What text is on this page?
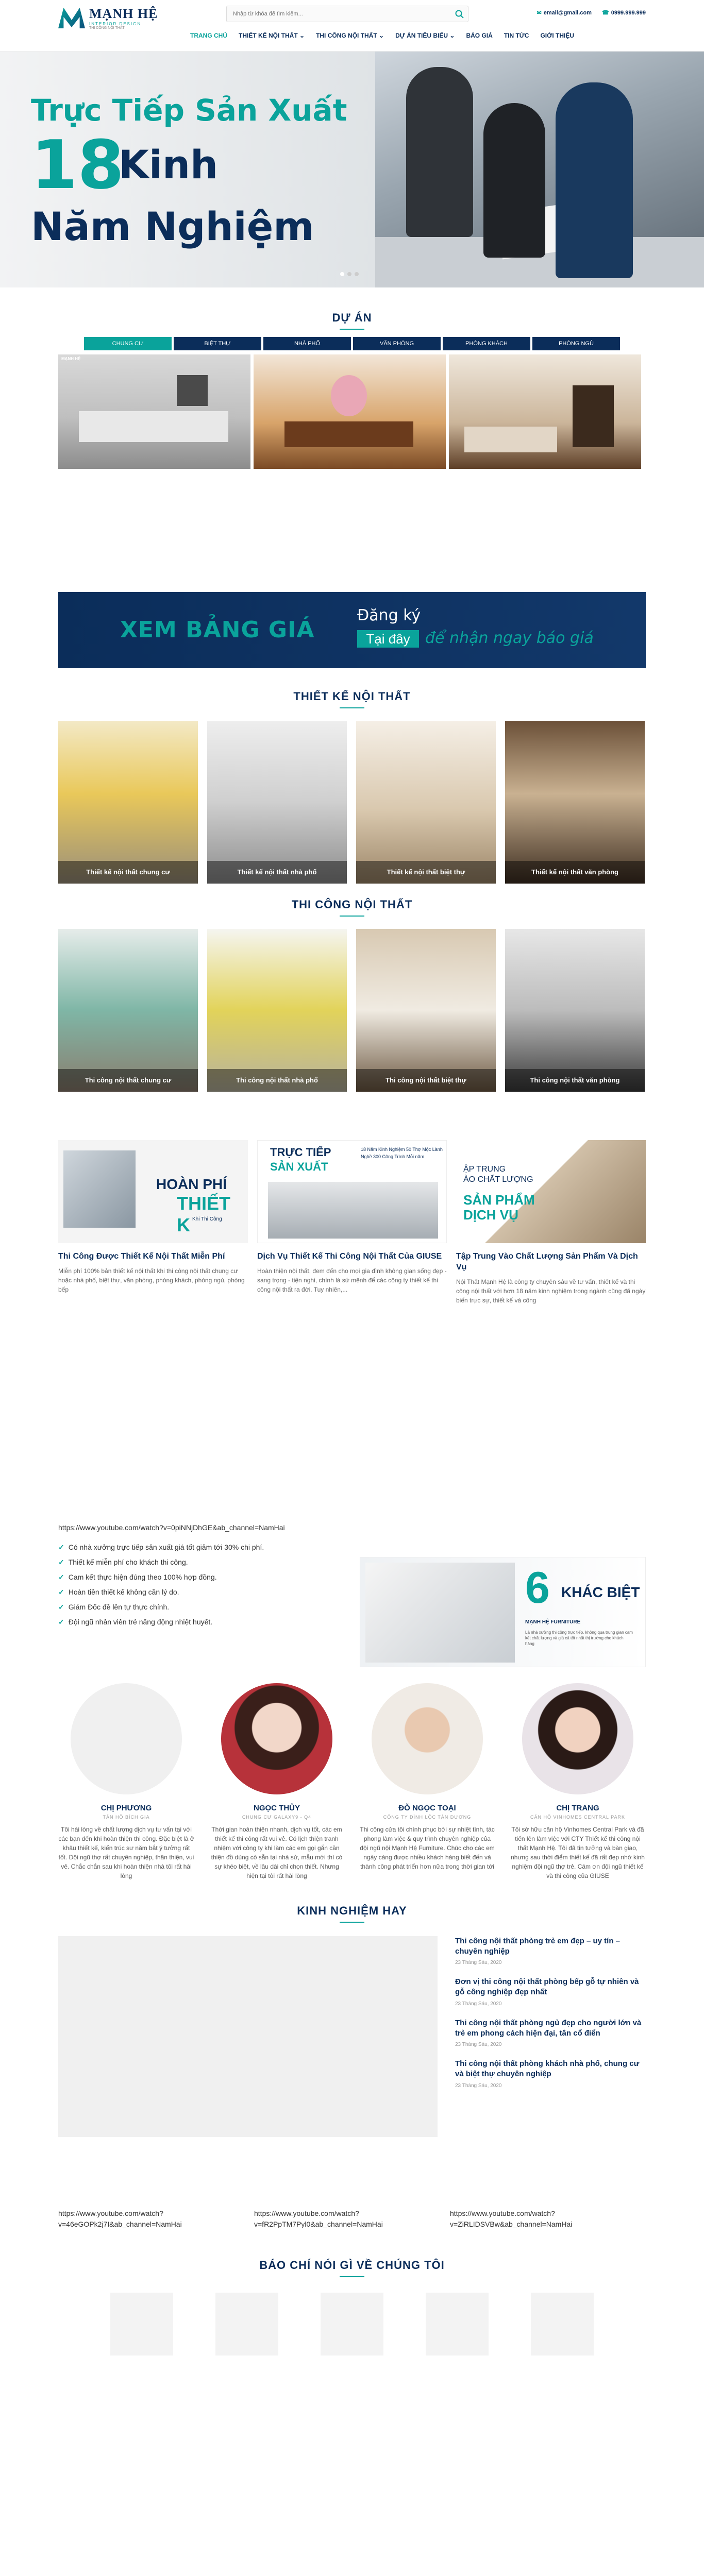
MẠNH HỆ
INTERIOR DESIGN
THI CÔNG NỘI THẤT
Nhập từ khóa để tìm kiếm...
✉ email@gmail.com ☎ 0999.999.999
TRANG CHỦ THIẾT KẾ NỘI THẤT ⌄ THI CÔNG NỘI THẤT ⌄ DỰ ÁN TIÊU BIỂU ⌄ BÁO GIÁ TIN TỨC GIỚI THIỆU
Trực Tiếp Sản Xuất
18
Kinh
Năm Nghiệm
DỰ ÁN
CHUNG CƯ	BIỆT THỰ	NHÀ PHỐ	VĂN PHÒNG	PHÒNG KHÁCH	PHÒNG NGỦ
MẠNH HỆ
XEM BẢNG GIÁ
Đăng ký
Tại đây để nhận ngay báo giá
THIẾT KẾ NỘI THẤT
Thiết kế nội thất chung cư	Thiết kế nội thất nhà phố	Thiết kế nội thất biệt thự	Thiết kế nội thất văn phòng
THI CÔNG NỘI THẤT
Thi công nội thất chung cư	Thi công nội thất nhà phố	Thi công nội thất biệt thự	Thi công nội thất văn phòng
HOÀN PHÍ
THIẾT K Khi Thi Công
Thi Công Được Thiết Kế Nội Thất Miễn Phí
Miễn phí 100% bản thiết kế nội thất khi thi công nội thất chung cư hoặc nhà phố, biệt thự, văn phòng, phòng khách, phòng ngủ, phòng bếp
TRỰC TIẾP
SẢN XUẤT
18 Năm Kinh Nghiệm 50 Thợ Mộc Lành Nghề 300 Công Trình Mỗi năm
Dịch Vụ Thiết Kế Thi Công Nội Thất Của GIUSE
Hoàn thiện nội thất, đem đến cho mọi gia đình không gian sống đẹp - sang trọng - tiện nghi, chính là sứ mệnh để các công ty thiết kế thi công nội thất ra đời. Tuy nhiên,...
ẬP TRUNG
ÀO CHẤT LƯỢNG
SẢN PHẨM DỊCH VỤ
Tập Trung Vào Chất Lượng Sản Phẩm Và Dịch Vụ
Nội Thất Mạnh Hệ là công ty chuyên sâu về tư vấn, thiết kế và thi công nội thất với hơn 18 năm kinh nghiệm trong ngành cũng đã ngày biến trực sự, thiết kế và công
https://www.youtube.com/watch?v=0piNNjDhGE&ab_channel=NamHai
✓ Có nhà xưởng trực tiếp sản xuất giá tốt giảm tới 30% chi phí.
✓ Thiết kế miễn phí cho khách thi công.
✓ Cam kết thực hiện đúng theo 100% hợp đồng.
✓ Hoàn tiền thiết kế không cần lý do.
✓ Giám Đốc đề lên tự thực chính.
✓ Đội ngũ nhân viên trẻ năng động nhiệt huyết.
6 KHÁC BIỆT
MẠNH HỆ FURNITURE
Là nhà xưởng thi công trực tiếp, không qua trung gian cam kết chất lượng và giá cả tốt nhất thị trường cho khách hàng
CHỊ PHƯƠNG
TÂN HỒ BÍCH GIA
Tôi hài lòng về chất lượng dịch vụ tư vấn tại với các bạn đến khi hoàn thiện thi công. Đặc biệt là ở khâu thiết kế, kiến trúc sư năm bắt ý tưởng rất tốt. Đội ngũ thợ rất chuyên nghiệp, thân thiện, vui vẻ. Chắc chắn sau khi hoàn thiện nhà tôi rất hài lòng
NGỌC THỦY
CHUNG CƯ GALAXY9 - Q4
Thời gian hoàn thiện nhanh, dịch vụ tốt, các em thiết kế thi công rất vui vẻ. Có lịch thiện tranh nhiệm với công ty khi làm các em gọi gắn cần thiện đồ dùng có sẵn tại nhà sử, mẫu mới thì có sự khéo biệt, về lâu dài chỉ chọn thiết. Nhưng hiện tại tôi rất hài lòng
ĐỖ NGỌC TOẠI
CÔNG TY ĐÌNH LỘC TÂN DƯƠNG
Thi công cửa tôi chính phục bởi sự nhiệt tình, tác phong làm việc & quy trình chuyên nghiệp của đội ngũ nội Mạnh Hệ Furniture. Chúc cho các em ngày càng được nhiều khách hàng biết đến và thành công phát triển hơn nữa trong thời gian tới
CHỊ TRANG
CĂN HỘ VINHOMES CENTRAL PARK
Tôi sở hữu căn hộ Vinhomes Central Park và đã tiến lên làm việc với CTY Thiết kế thi công nội thất Mạnh Hệ. Tôi đã tin tưởng và bàn giao, nhưng sau thời điểm thiết kế đã rất đẹp nhờ kinh nghiệm đội ngũ thợ trẻ. Cám ơn đội ngũ thiết kế và thi công của GIUSE
KINH NGHIỆM HAY
Thi công nội thất phòng trẻ em đẹp – uy tín – chuyên nghiệp
23 Tháng Sáu, 2020
Đơn vị thi công nội thất phòng bếp gỗ tự nhiên và gỗ công nghiệp đẹp nhất
23 Tháng Sáu, 2020
Thi công nội thất phòng ngủ đẹp cho người lớn và trẻ em phong cách hiện đại, tân cổ điển
23 Tháng Sáu, 2020
Thi công nội thất phòng khách nhà phố, chung cư và biệt thự chuyên nghiệp
23 Tháng Sáu, 2020
https://www.youtube.com/watch?v=46eGOPk2j7I&ab_channel=NamHai
https://www.youtube.com/watch?v=fR2PpTM7Pyl0&ab_channel=NamHai
https://www.youtube.com/watch?v=ZiRLIDSVBw&ab_channel=NamHai
BÁO CHÍ NÓI GÌ VỀ CHÚNG TÔI
